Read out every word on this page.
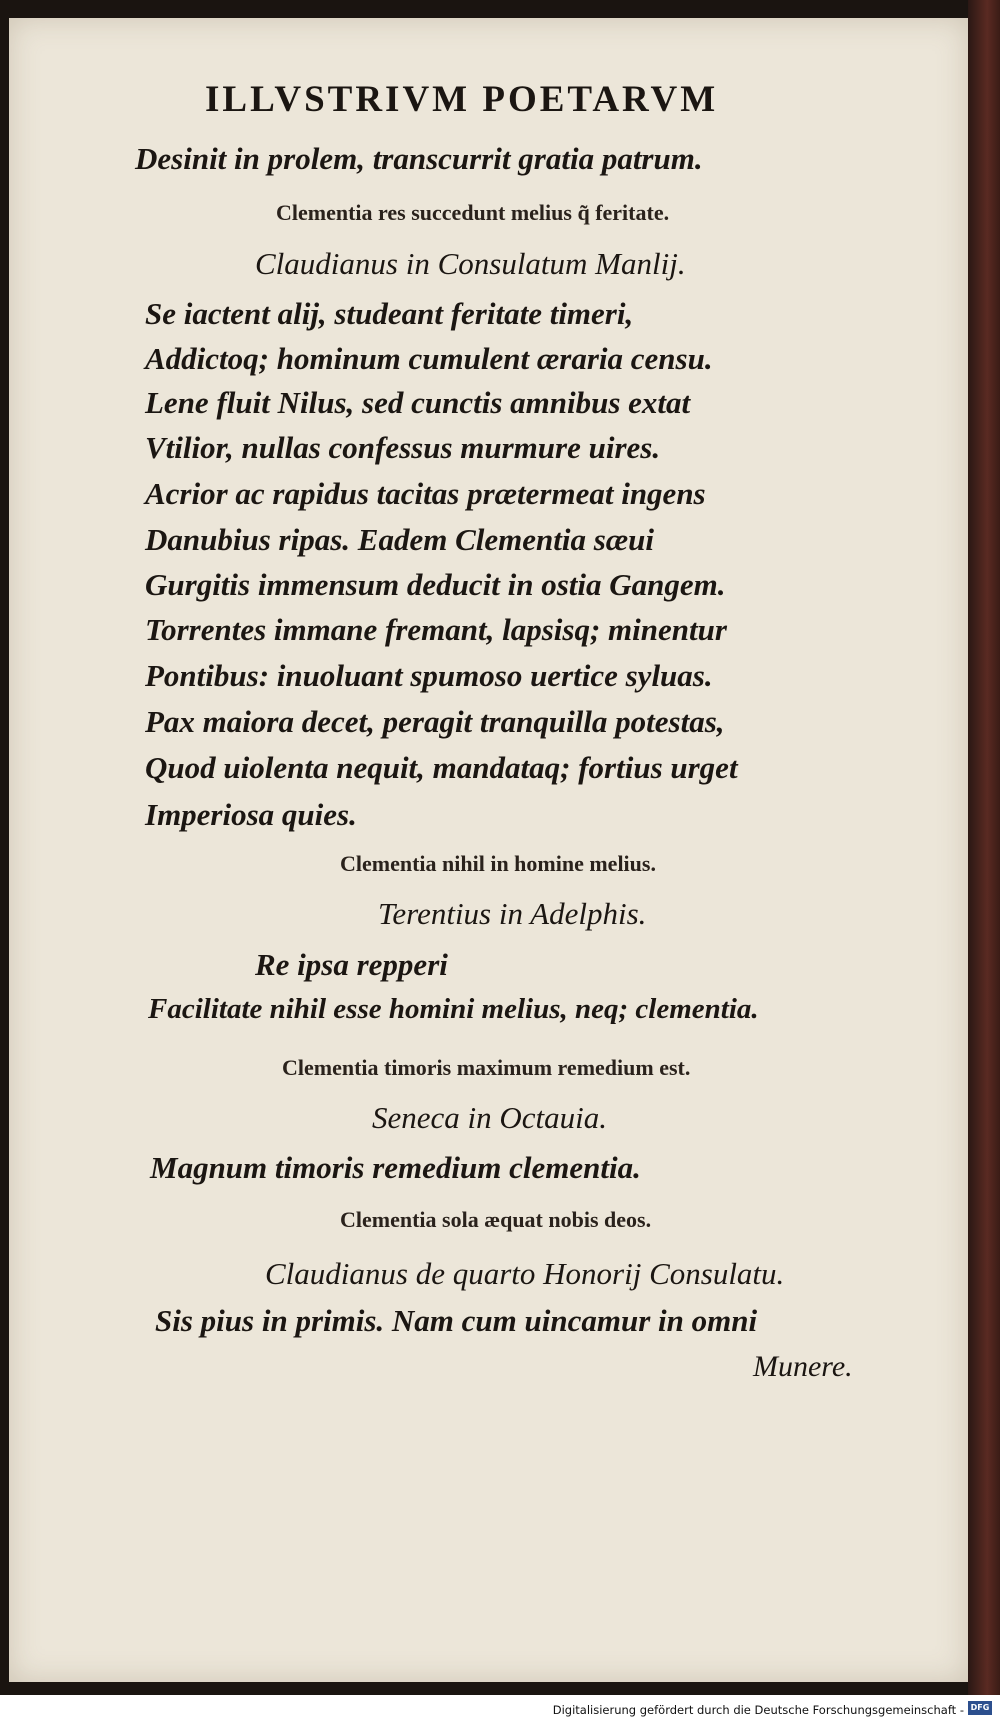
ILLVSTRIVM POETARVM
Desinit in prolem, transcurrit gratia patrum.
Clementia res succedunt melius q̃ feritate.
Claudianus in Consulatum Manlij.
Se iactent alij, studeant feritate timeri,
Addictoq; hominum cumulent æraria censu.
Lene fluit Nilus, sed cunctis amnibus extat
Vtilior, nullas confessus murmure uires.
Acrior ac rapidus tacitas prætermeat ingens
Danubius ripas. Eadem Clementia sæui
Gurgitis immensum deducit in ostia Gangem.
Torrentes immane fremant, lapsisq; minentur
Pontibus: inuoluant spumoso uertice syluas.
Pax maiora decet, peragit tranquilla potestas,
Quod uiolenta nequit, mandataq; fortius urget
Imperiosa quies.
Clementia nihil in homine melius.
Terentius in Adelphis.
Re ipsa repperi
Facilitate nihil esse homini melius, neq; clementia.
Clementia timoris maximum remedium est.
Seneca in Octauia.
Magnum timoris remedium clementia.
Clementia sola æquat nobis deos.
Claudianus de quarto Honorij Consulatu.
Sis pius in primis. Nam cum uincamur in omni
Munere.
Digitalisierung gefördert durch die Deutsche Forschungsgemeinschaft - DFG
